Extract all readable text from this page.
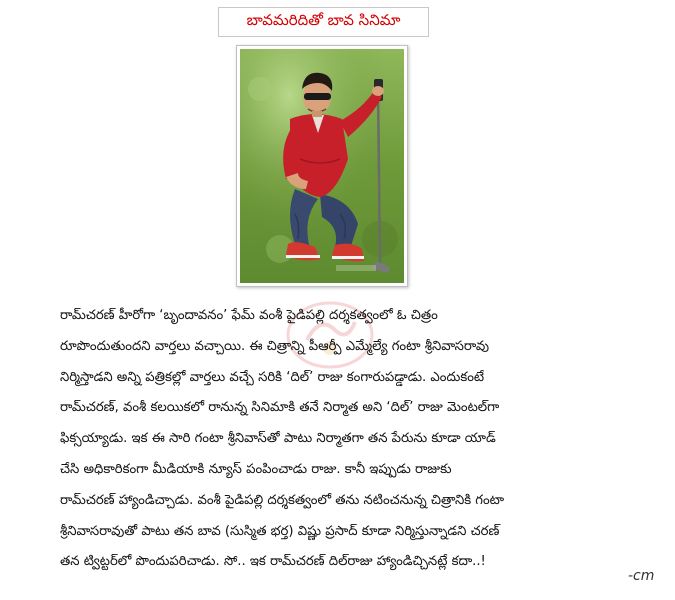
బావమరిదితో బావ సినిమా
రామ్‌చరణ్ హీరోగా ‘బృందావనం’ ఫేమ్ వంశీ పైడిపల్లి దర్శకత్వంలో ఓ చిత్రం
రూపొందుతుందని వార్తలు వచ్చాయి. ఈ చిత్రాన్ని పీఆర్పీ ఎమ్మేల్యే గంటా శ్రీనివాసరావు
నిర్మిస్తాడని అన్ని పత్రికల్లో వార్తలు వచ్చే సరికి ‘దిల్’ రాజు కంగారుపడ్డాడు. ఎందుకంటే
రామ్‌చరణ్, వంశీ కలయికలో రానున్న సినిమాకి తనే నిర్మాత అని ‘దిల్’ రాజు మెంటల్‌గా
ఫిక్సయ్యాడు. ఇక ఈ సారి గంటా శ్రీనివాస్‌తో పాటు నిర్మాతగా తన పేరును కూడా యాడ్
చేసి అధికారికంగా మీడియాకి న్యూస్ పంపించాడు రాజు. కానీ ఇప్పుడు రాజుకు
రామ్‌చరణ్ హ్యాండిచ్చాడు. వంశీ పైడిపల్లి దర్శకత్వంలో తను నటించనున్న చిత్రానికి గంటా
శ్రీనివాసరావుతో పాటు తన బావ (సుస్మిత భర్త) విష్ణు ప్రసాద్ కూడా నిర్మిస్తున్నాడని చరణ్
తన ట్విట్టర్‌లో పొందుపరిచాడు. సో.. ఇక రామ్‌చరణ్ దిల్‌రాజు హ్యాండిచ్చినట్లే కదా..!
-cm
